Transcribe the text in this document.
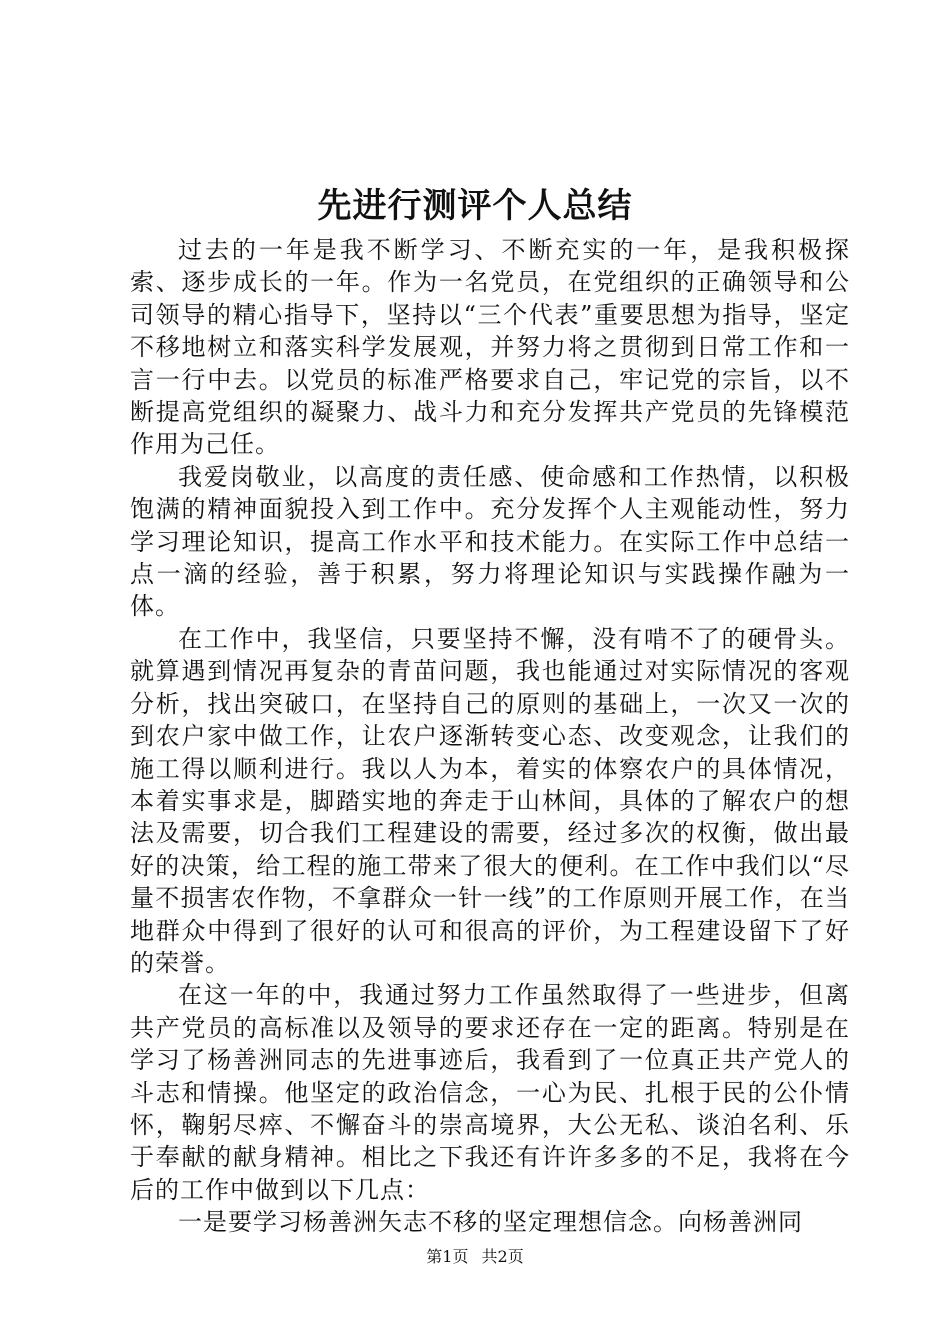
先进行测评个人总结

过去的一年是我不断学习、不断充实的一年，是我积极探索、逐步成长的一年。作为一名党员，在党组织的正确领导和公司领导的精心指导下，坚持以“三个代表”重要思想为指导，坚定不移地树立和落实科学发展观，并努力将之贯彻到日常工作和一言一行中去。以党员的标准严格要求自己，牢记党的宗旨，以不断提高党组织的凝聚力、战斗力和充分发挥共产党员的先锋模范作用为己任。

我爱岗敬业，以高度的责任感、使命感和工作热情，以积极饱满的精神面貌投入到工作中。充分发挥个人主观能动性，努力学习理论知识，提高工作水平和技术能力。在实际工作中总结一点一滴的经验，善于积累，努力将理论知识与实践操作融为一体。

在工作中，我坚信，只要坚持不懈，没有啃不了的硬骨头。就算遇到情况再复杂的青苗问题，我也能通过对实际情况的客观分析，找出突破口，在坚持自己的原则的基础上，一次又一次的到农户家中做工作，让农户逐渐转变心态、改变观念，让我们的施工得以顺利进行。我以人为本，着实的体察农户的具体情况，本着实事求是，脚踏实地的奔走于山林间，具体的了解农户的想法及需要，切合我们工程建设的需要，经过多次的权衡，做出最好的决策，给工程的施工带来了很大的便利。在工作中我们以“尽量不损害农作物，不拿群众一针一线”的工作原则开展工作，在当地群众中得到了很好的认可和很高的评价，为工程建设留下了好的荣誉。

在这一年的中，我通过努力工作虽然取得了一些进步，但离共产党员的高标准以及领导的要求还存在一定的距离。特别是在学习了杨善洲同志的先进事迹后，我看到了一位真正共产党人的斗志和情操。他坚定的政治信念，一心为民、扎根于民的公仆情怀，鞠躬尽瘁、不懈奋斗的崇高境界，大公无私、谈泊名利、乐于奉献的献身精神。相比之下我还有许许多多的不足，我将在今后的工作中做到以下几点：

一是要学习杨善洲矢志不移的坚定理想信念。向杨善洲同

第1页 共2页
